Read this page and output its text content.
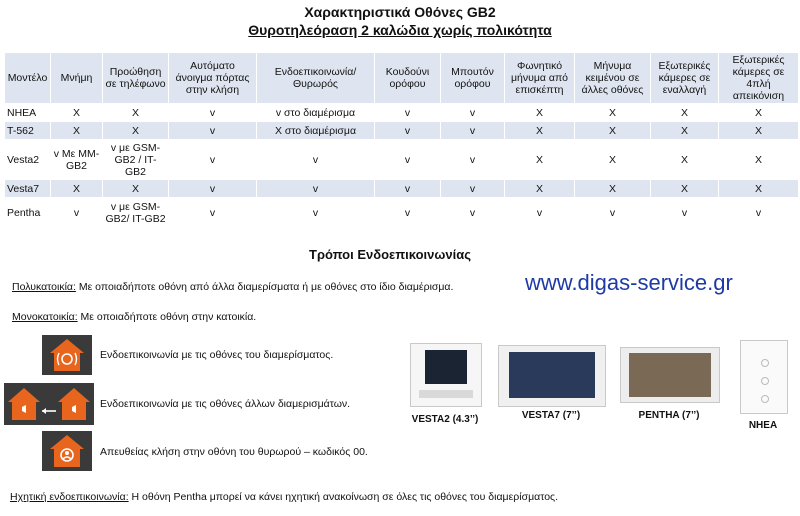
Χαρακτηριστικά Οθόνες GB2
Θυροτηλεόραση 2 καλώδια χωρίς πολικότητα
Μοντέλο	Μνήμη	Προώθηση σε τηλέφωνο	Αυτόματο άνοιγμα πόρτας στην κλήση	Ενδοεπικοινωνία/ Θυρωρός	Κουδούνι ορόφου	Μπουτόν ορόφου	Φωνητικό μήνυμα από επισκέπτη	Μήνυμα κειμένου σε άλλες οθόνες	Εξωτερικές κάμερες σε εναλλαγή	Εξωτερικές κάμερες σε 4πλή απεικόνιση
NHEA	X	X	v	v στο διαμέρισμα	v	v	X	X	X	X
T-562	X	X	v	X στο διαμέρισμα	v	v	X	X	X	X
Vesta2	v Με MM-GB2	v με GSM-GB2 / IT-GB2	v	v	v	v	X	X	X	X
Vesta7	X	X	v	v	v	v	X	X	X	X
Pentha	v	v με GSM-GB2/ IT-GB2	v	v	v	v	v	v	v	v
Τρόποι Ενδοεπικοινωνίας
www.digas-service.gr
Πολυκατοικία: Με οποιαδήποτε οθόνη από άλλα διαμερίσματα ή με οθόνες στο ίδιο διαμέρισμα.
Μονοκατοικία: Με οποιαδήποτε οθόνη στην κατοικία.
Ενδοεπικοινωνία με τις οθόνες του διαμερίσματος.
Ενδοεπικοινωνία με τις οθόνες άλλων διαμερισμάτων.
Απευθείας κλήση στην οθόνη του θυρωρού – κωδικός 00.
VESTA2 (4.3’’)	VESTA7 (7’’)	PENTHA (7’’)
NHEA
Ηχητική ενδοεπικοινωνία: Η οθόνη Pentha μπορεί να κάνει ηχητική ανακοίνωση σε όλες τις οθόνες του διαμερίσματος.
